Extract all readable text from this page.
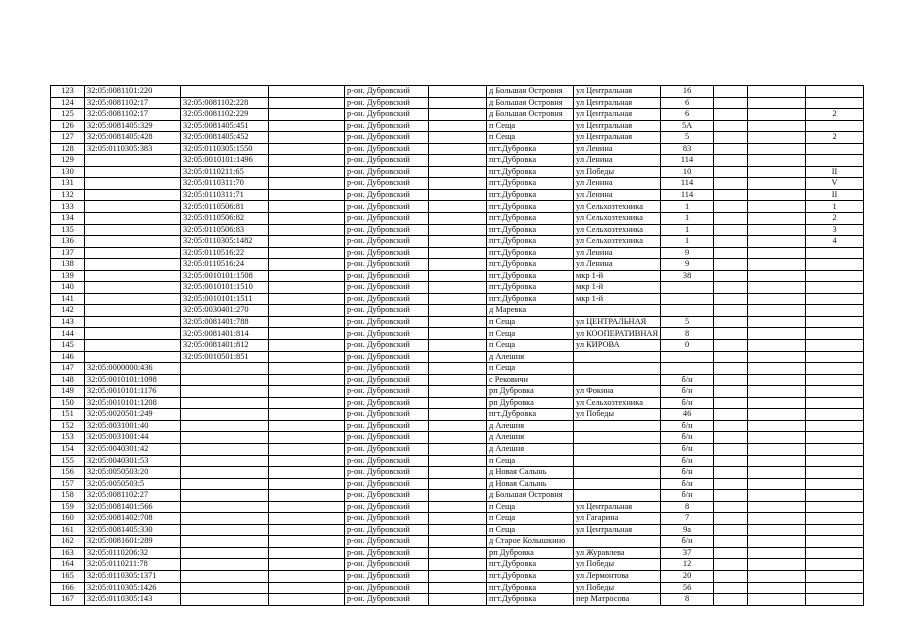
123	32:05:0081101:220			р-он. Дубровский		д Большая Островня	ул Центральная	16			
124	32:05:0081102:17	32:05:0081102:228		р-он. Дубровский		д Большая Островня	ул Центральная	6			
125	32:05:0081102:17	32:05:0081102:229		р-он. Дубровский		д Большая Островня	ул Центральная	6			2
126	32:05:0081405:329	32:05:0081405:451		р-он. Дубровский		п Сеща	ул Центральная	5А			
127	32:05:0081405:428	32:05:0081405:452		р-он. Дубровский		п Сеща	ул Центральная	5			2
128	32:05:0110305:383	32:05:0110305:1550		р-он. Дубровский		пгт.Дубровка	ул Ленина	83			
129		32:05:0010101:1496		р-он. Дубровский		пгт.Дубровка	ул Ленина	114			
130		32:05:0110211:65		р-он. Дубровский		пгт.Дубровка	ул Победы	10			II
131		32:05:0110311:70		р-он. Дубровский		пгт.Дубровка	ул Ленина	114			V
132		32:05:0110311:71		р-он. Дубровский		пгт.Дубровка	ул Ленина	114			II
133		32:05:0110506:81		р-он. Дубровский		пгт.Дубровка	ул Сельхозтехника	1			1
134		32:05:0110506:82		р-он. Дубровский		пгт.Дубровка	ул Сельхозтехника	1			2
135		32:05:0110506:83		р-он. Дубровский		пгт.Дубровка	ул Сельхозтехника	1			3
136		32:05:0110305:1482		р-он. Дубровский		пгт.Дубровка	ул Сельхозтехника	1			4
137		32:05:0110516:22		р-он. Дубровский		пгт.Дубровка	ул Ленина	9			
138		32:05:0110516:24		р-он. Дубровский		пгт.Дубровка	ул Ленина	9			
139		32:05:0010101:1508		р-он. Дубровский		пгт.Дубровка	мкр 1-й	38			
140		32:05:0010101:1510		р-он. Дубровский		пгт.Дубровка	мкр 1-й				
141		32:05:0010101:1511		р-он. Дубровский		пгт.Дубровка	мкр 1-й				
142		32:05:0030401:270		р-он. Дубровский		д Маревка					
143		32:05:0081401:788		р-он. Дубровский		п Сеща	ул ЦЕНТРАЛЬНАЯ	5			
144		32:05:0081401:814		р-он. Дубровский		п Сеща	ул КООПЕРАТИВНАЯ	8			
145		32:05:0081401:812		р-он. Дубровский		п Сеща	ул КИРОВА	0			
146		32:05:0010501:851		р-он. Дубровский		д Алешня					
147	32:05:0000000:436			р-он. Дубровский		п Сеща					
148	32:05:0010101:1098			р-он. Дубровский		с Рековичи		б/н			
149	32:05:0010101:1176			р-он. Дубровский		рп Дубровка	ул Фокина	б/н			
150	32:05:0010101:1208			р-он. Дубровский		рп Дубровка	ул Сельхозтехника	б/н			
151	32:05:0020501:249			р-он. Дубровский		пгт.Дубровка	ул Победы	46			
152	32:05:0031001:40			р-он. Дубровский		д Алешня		б/н			
153	32:05:0031001:44			р-он. Дубровский		д Алешня		б/н			
154	32:05:0040301:42			р-он. Дубровский		д Алешня		б/н			
155	32:05:0040301:53			р-он. Дубровский		п Сеща		б/н			
156	32:05:0050503:20			р-он. Дубровский		д Новая Салынь		б/н			
157	32:05:0050503:5			р-он. Дубровский		д Новая Салынь		б/н			
158	32:05:0081102:27			р-он. Дубровский		д Большая Островня		б/н			
159	32:05:0081401:566			р-он. Дубровский		п Сеща	ул Центральная	8			
160	32:05:0081402:708			р-он. Дубровский		п Сеща	ул Гагарина	7			
161	32:05:0081405:330			р-он. Дубровский		п Сеща	ул Центральная	9а			
162	32:05:0081601:289			р-он. Дубровский		д Старое Колышкино		б/н			
163	32:05:0110206:32			р-он. Дубровский		рп Дубровка	ул Журавлева	37			
164	32:05:0110211:78			р-он. Дубровский		пгт.Дубровка	ул Победы	12			
165	32:05:0110305:1371			р-он. Дубровский		пгт.Дубровка	ул Лермонтова	20			
166	32:05:0110305:1426			р-он. Дубровский		пгт.Дубровка	ул Победы	56			
167	32:05:0110305:143			р-он. Дубровский		пгт.Дубровка	пер Матросова	8			
